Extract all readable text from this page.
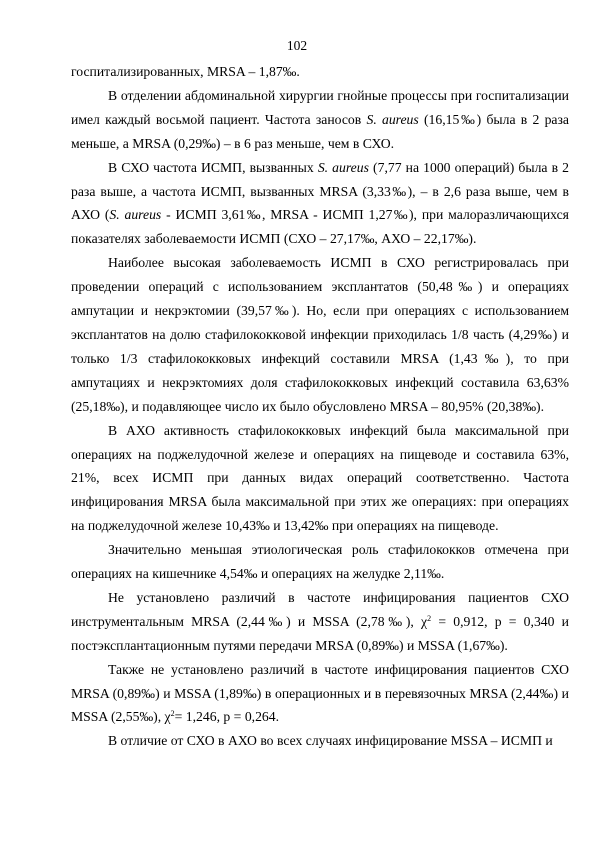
102

госпитализированных, MRSA – 1,87‰.

В отделении абдоминальной хирургии гнойные процессы при госпитализации имел каждый восьмой пациент. Частота заносов S. aureus (16,15‰) была в 2 раза меньше, а MRSA (0,29‰) – в 6 раз меньше, чем в СХО.

В СХО частота ИСМП, вызванных S. aureus (7,77 на 1000 операций) была в 2 раза выше, а частота ИСМП, вызванных MRSA (3,33‰), – в 2,6 раза выше, чем в АХО (S. aureus - ИСМП 3,61‰, MRSA - ИСМП 1,27‰), при малоразличающихся показателях заболеваемости ИСМП (СХО – 27,17‰, АХО – 22,17‰).

Наиболее высокая заболеваемость ИСМП в СХО регистрировалась при проведении операций с использованием эксплантатов (50,48‰) и операциях ампутации и некрэктомии (39,57‰). Но, если при операциях с использованием эксплантатов на долю стафилококковой инфекции приходилась 1/8 часть (4,29‰) и только 1/3 стафилококковых инфекций составили MRSA (1,43‰), то при ампутациях и некрэктомиях доля стафилококковых инфекций составила 63,63% (25,18‰), и подавляющее число их было обусловлено MRSA – 80,95% (20,38‰).

В АХО активность стафилококковых инфекций была максимальной при операциях на поджелудочной железе и операциях на пищеводе и составила 63%, 21%, всех ИСМП при данных видах операций соответственно. Частота инфицирования MRSA была максимальной при этих же операциях: при операциях на поджелудочной железе 10,43‰ и 13,42‰ при операциях на пищеводе.

Значительно меньшая этиологическая роль стафилококков отмечена при операциях на кишечнике 4,54‰ и операциях на желудке 2,11‰.

Не установлено различий в частоте инфицирования пациентов СХО инструментальным MRSA (2,44‰) и MSSA (2,78‰), $\chi^2 = 0,912$, p = 0,340 и постэксплантационным путями передачи MRSA (0,89‰) и MSSA (1,67‰).

Также не установлено различий в частоте инфицирования пациентов СХО MRSA (0,89‰) и MSSA (1,89‰) в операционных и в перевязочных MRSA (2,44‰) и MSSA (2,55‰), $\chi^2= 1,246$, p = 0,264.

В отличие от СХО в АХО во всех случаях инфицирование MSSA – ИСМП и
